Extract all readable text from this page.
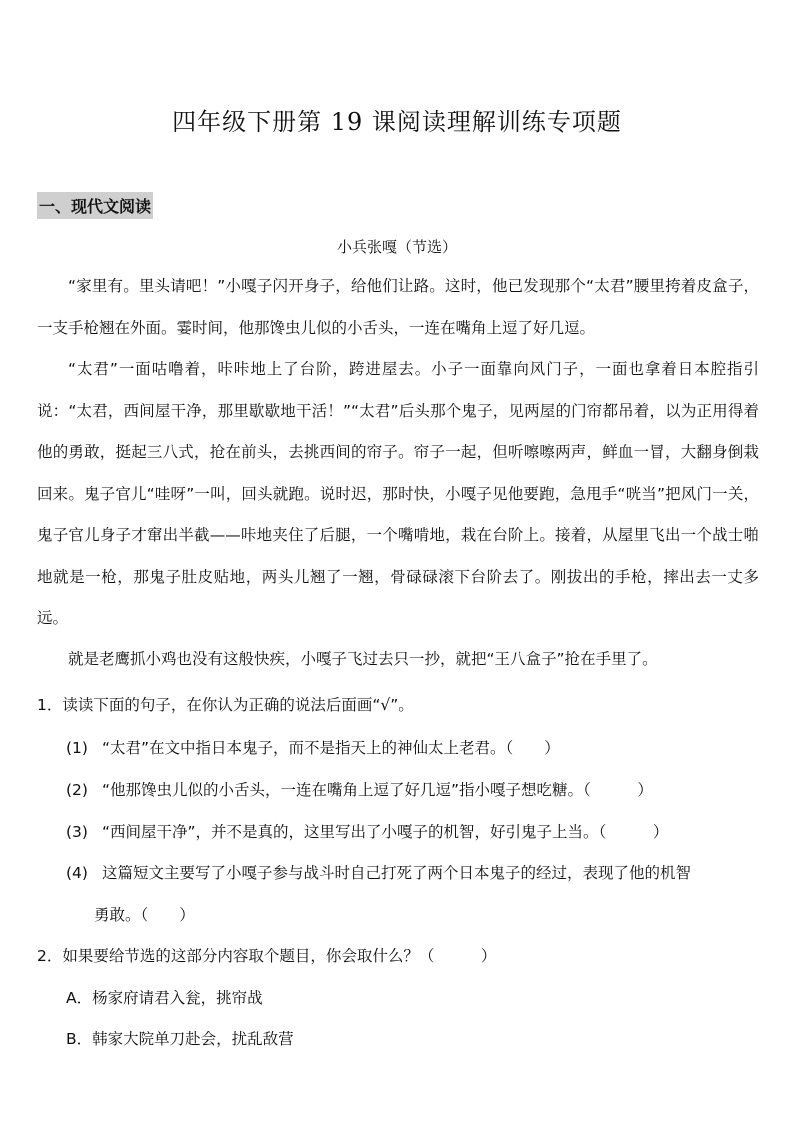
四年级下册第 19 课阅读理解训练专项题
一、现代文阅读
小兵张嘎（节选）
“家里有。里头请吧！”小嘎子闪开身子，给他们让路。这时，他已发现那个“太君”腰里挎着皮盒子，一支手枪翘在外面。霎时间，他那馋虫儿似的小舌头，一连在嘴角上逗了好几逗。
“太君”一面咕噜着，咔咔地上了台阶，跨进屋去。小子一面靠向风门子，一面也拿着日本腔指引说：“太君，西间屋干净，那里歇歇地干活！”“太君”后头那个鬼子，见两屋的门帘都吊着，以为正用得着他的勇敢，挺起三八式，抢在前头，去挑西间的帘子。帘子一起，但听嚓嚓两声，鲜血一冒，大翻身倒栽回来。鬼子官儿“哇呀”一叫，回头就跑。说时迟，那时快，小嘎子见他要跑，急甩手“咣当”把风门一关，鬼子官儿身子才窜出半截——咔地夹住了后腿，一个嘴啃地，栽在台阶上。接着，从屋里飞出一个战士啪地就是一枪，那鬼子肚皮贴地，两头儿翘了一翘，骨碌碌滚下台阶去了。刚拔出的手枪，摔出去一丈多远。
就是老鹰抓小鸡也没有这般快疾，小嘎子飞过去只一抄，就把“王八盒子”抢在手里了。
1．读读下面的句子，在你认为正确的说法后面画“√”。
(1) “太君”在文中指日本鬼子，而不是指天上的神仙太上老君。（　　）
(2) “他那馋虫儿似的小舌头，一连在嘴角上逗了好几逗”指小嘎子想吃糖。（　　　）
(3) “西间屋干净”，并不是真的，这里写出了小嘎子的机智，好引鬼子上当。（　　　）
(4) 这篇短文主要写了小嘎子参与战斗时自己打死了两个日本鬼子的经过，表现了他的机智
勇敢。（　　）
2．如果要给节选的这部分内容取个题目，你会取什么？（　　　）
A．杨家府请君入瓮，挑帘战
B．韩家大院单刀赴会，扰乱敌营
